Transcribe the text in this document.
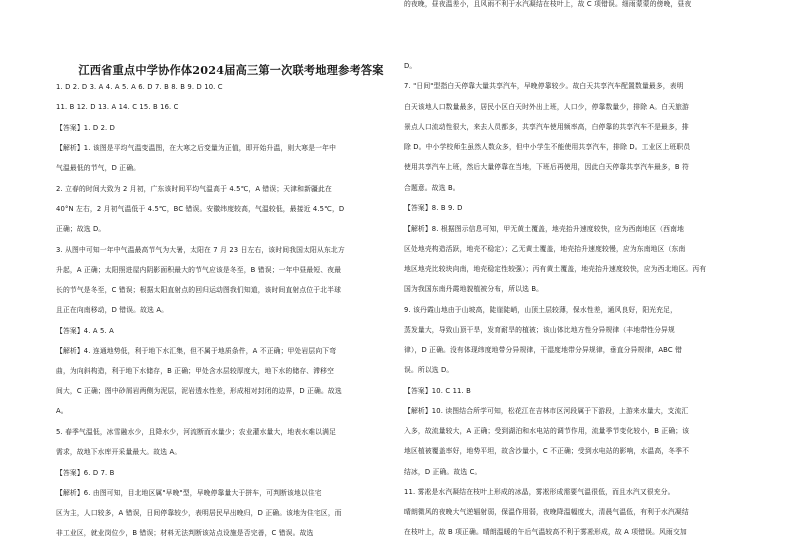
江西省重点中学协作体2024届高三第一次联考地理参考答案
1. D 2. D 3. A 4. A 5. A 6. D 7. B 8. B 9. D 10. C
11. B 12. D 13. A 14. C 15. B 16. C
【答案】1. D 2. D
【解析】1. 该图是平均气温变温图，在大寒之后变量为正值，即开始升温，则大寒是一年中
气温最低的节气，D 正确。
2. 立春的时间大致为 2 月初，广东该时间平均气温高于 4.5℃，A 错误；天津和新疆此在
40°N 左右，2 月初气温低于 4.5℃，BC 错误。安徽纬度较高，气温较低，最接近 4.5℃，D
正确；故选 D。
3. 从图中可知一年中气温最高节气为大暑，太阳在 7 月 23 日左右，该时间我国太阳从东北方
升起，A 正确；太阳照进屋内阴影面积最大的节气应该是冬至，B 错误；一年中昼最短、夜最
长的节气是冬至，C 错误；根据太阳直射点的回归运动图我们知道，该时间直射点位于北半球
且正在向南移动，D 错误。故选 A。
【答案】4. A 5. A
【解析】4. 连通地势低，利于地下水汇集，但不属于地质条件，A 不正确；甲处岩层向下弯
曲，为向斜构造，利于地下水储存，B 正确；甲处含水层较厚度大，地下水的储存、滞移空
间大，C 正确；图中砂屑岩两侧为泥层，泥岩透水性差，形成相对封闭的边界，D 正确。故选
A。
5. 春季气温低，冰雪融水少，且降水少，河流断而水量少；农业灌水量大，地表水难以满足
需求，故地下水库开采量最大。故选 A。
【答案】6. D 7. B
【解析】6. 由图可知，目北地区属"早晚"型，早晚停靠量大于拼车，可判断该地以住宅
区为主，人口较多，A 错误，日间停靠较少，表明居民早出晚归，D 正确。该地为住宅区，而
非工业区，就业岗位少，B 错误；材料无法判断该站点设施是否完善，C 错误。故选
D。
7. "日间"型指白天停靠大量共享汽车，早晚停靠较少。故白天共享汽车配置数量最多，表明
白天该地人口数量最多，居民小区白天时外出上班，人口少，停靠数量少，排除 A。白天旅游
景点人口流动性很大，来去人员都多，共享汽车使用频率高，白停靠的共享汽车不是最多，排
除 D。中小学校师生虽然人数众多，但中小学生不能使用共享汽车，排除 D。工业区上班职员
使用共享汽车上班，然后大量停靠在当地，下班后再使用，因此白天停靠共享汽车最多，B 符
合题意。故选 B。
【答案】8. B 9. D
【解析】8. 根据图示信息可知，甲无黄土覆盖，地壳抬升速度较快，应为西南地区（西南地
区处地壳构造活跃，地壳不稳定）；乙无黄土覆盖，地壳抬升速度较慢，应为东南地区（东南
地区地壳比较块向南，地壳稳定性较强）；丙有黄土覆盖，地壳抬升速度较快，应为西北地区。丙有
国为我国东南丹霞地貌植被分布，所以选 B。
9. 该丹霞山地由于山坡高，陡崖陡峭，山顶土层较薄，保水性差，通风良好，阳光充足，
蒸发量大，导致山顶干旱，发育耐旱的植被；该山体比地方性分异规律（丰地带性分异规
律），D 正确。没有体现纬度地带分异规律，干湿度地带分异规律，垂直分异规律，ABC 错
误。所以选 D。
【答案】10. C 11. B
【解析】10. 读图结合所学可知，松花江在吉林市区河段属于下游段，上游来水量大，支流汇
入多，故流量较大，A 正确；受到湖泊和水电站的调节作用，流量季节变化较小，B 正确；该
地区植被覆盖率好，地势平坦，故含沙量小，C 不正确；受到水电站的影响，水温高，冬季不
结冰，D 正确。故选 C。
11. 雾凇是水汽凝结在枝叶上形成的冰晶，雾凇形成需要气温很低，而且水汽又很充分。
晴朗微风的夜晚大气逆辐射弱，保温作用弱，夜晚降温幅度大，清晨气温低，有利于水汽凝结
在枝叶上，故 B 项正确。晴朗温暖的午后气温较高不利于雾凇形成，故 A 项错误。风雨交加
的夜晚，昼夜温差小，且风雨不利于水汽凝结在枝叶上，故 C 项错误。细雨蒙蒙的傍晚，昼夜
